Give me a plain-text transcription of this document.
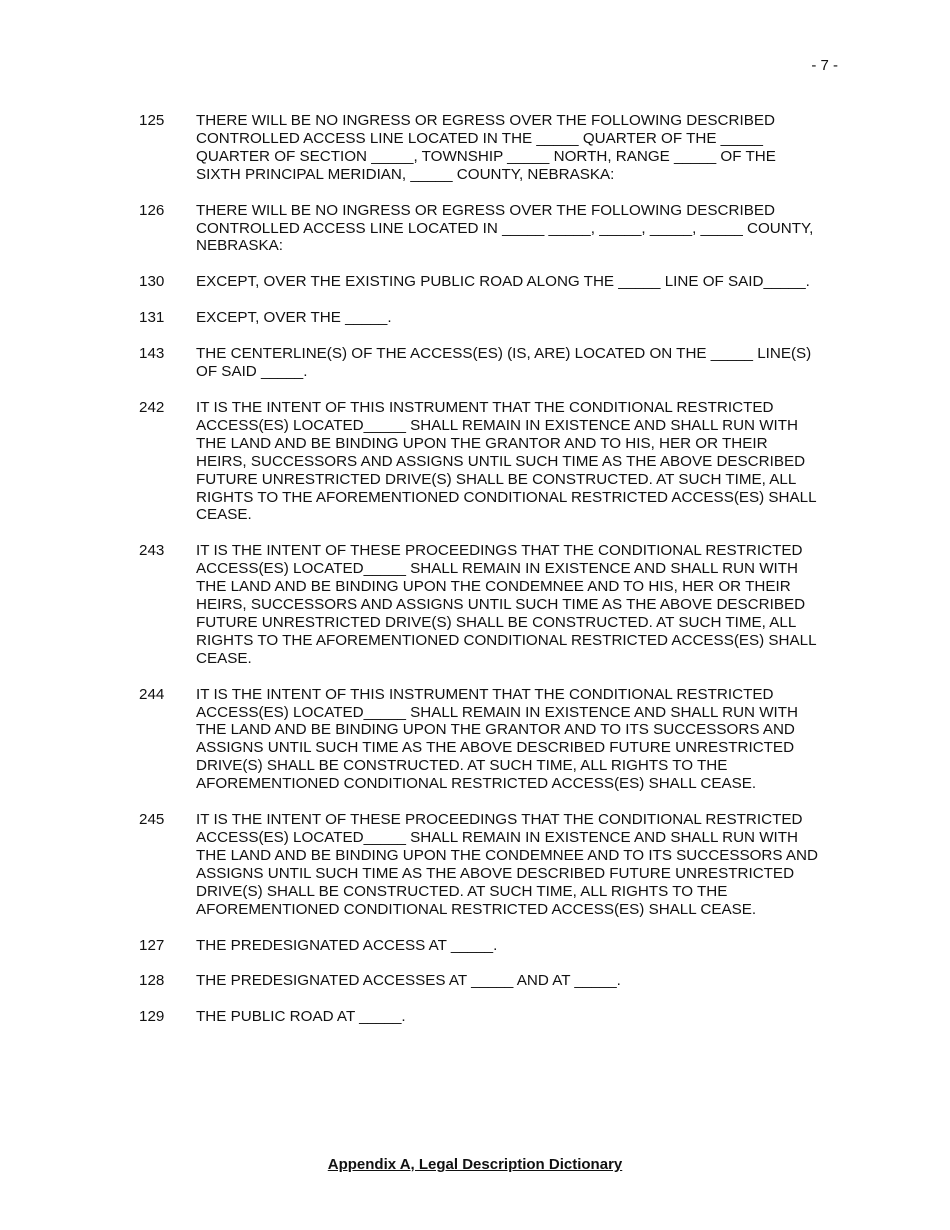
- 7 -
125	THERE WILL BE NO INGRESS OR EGRESS OVER THE FOLLOWING DESCRIBED
CONTROLLED ACCESS LINE LOCATED IN THE _____ QUARTER OF THE _____
QUARTER OF SECTION _____, TOWNSHIP _____ NORTH, RANGE _____ OF THE
SIXTH PRINCIPAL MERIDIAN, _____ COUNTY, NEBRASKA:
126	THERE WILL BE NO INGRESS OR EGRESS OVER THE FOLLOWING DESCRIBED
CONTROLLED ACCESS LINE LOCATED IN _____ _____, _____, _____, _____ COUNTY,
NEBRASKA:
130	EXCEPT, OVER THE EXISTING PUBLIC ROAD ALONG THE _____ LINE OF SAID_____.
131	EXCEPT, OVER THE _____.
143	THE CENTERLINE(S) OF THE ACCESS(ES) (IS, ARE) LOCATED ON THE _____ LINE(S)
OF SAID _____.
242	IT IS THE INTENT OF THIS INSTRUMENT THAT THE CONDITIONAL RESTRICTED
ACCESS(ES) LOCATED_____ SHALL REMAIN IN EXISTENCE AND SHALL RUN WITH
THE LAND AND BE BINDING UPON THE GRANTOR AND TO HIS, HER OR THEIR
HEIRS, SUCCESSORS AND ASSIGNS UNTIL SUCH TIME AS THE ABOVE DESCRIBED
FUTURE UNRESTRICTED DRIVE(S) SHALL BE CONSTRUCTED. AT SUCH TIME, ALL
RIGHTS TO THE AFOREMENTIONED CONDITIONAL RESTRICTED ACCESS(ES) SHALL
CEASE.
243	IT IS THE INTENT OF THESE PROCEEDINGS THAT THE CONDITIONAL RESTRICTED
ACCESS(ES) LOCATED_____ SHALL REMAIN IN EXISTENCE AND SHALL RUN WITH
THE LAND AND BE BINDING UPON THE CONDEMNEE AND TO HIS, HER OR THEIR
HEIRS, SUCCESSORS AND ASSIGNS UNTIL SUCH TIME AS THE ABOVE DESCRIBED
FUTURE UNRESTRICTED DRIVE(S) SHALL BE CONSTRUCTED. AT SUCH TIME, ALL
RIGHTS TO THE AFOREMENTIONED CONDITIONAL RESTRICTED ACCESS(ES) SHALL
CEASE.
244	IT IS THE INTENT OF THIS INSTRUMENT THAT THE CONDITIONAL RESTRICTED
ACCESS(ES) LOCATED_____ SHALL REMAIN IN EXISTENCE AND SHALL RUN WITH
THE LAND AND BE BINDING UPON THE GRANTOR AND TO ITS SUCCESSORS AND
ASSIGNS UNTIL SUCH TIME AS THE ABOVE DESCRIBED FUTURE UNRESTRICTED
DRIVE(S) SHALL BE CONSTRUCTED. AT SUCH TIME, ALL RIGHTS TO THE
AFOREMENTIONED CONDITIONAL RESTRICTED ACCESS(ES) SHALL CEASE.
245	IT IS THE INTENT OF THESE PROCEEDINGS THAT THE CONDITIONAL RESTRICTED
ACCESS(ES) LOCATED_____ SHALL REMAIN IN EXISTENCE AND SHALL RUN WITH
THE LAND AND BE BINDING UPON THE CONDEMNEE AND TO ITS SUCCESSORS AND
ASSIGNS UNTIL SUCH TIME AS THE ABOVE DESCRIBED FUTURE UNRESTRICTED
DRIVE(S) SHALL BE CONSTRUCTED. AT SUCH TIME, ALL RIGHTS TO THE
AFOREMENTIONED CONDITIONAL RESTRICTED ACCESS(ES) SHALL CEASE.
127	THE PREDESIGNATED ACCESS AT _____.
128	THE PREDESIGNATED ACCESSES AT _____ AND AT _____.
129	THE PUBLIC ROAD AT _____.
Appendix A, Legal Description Dictionary
